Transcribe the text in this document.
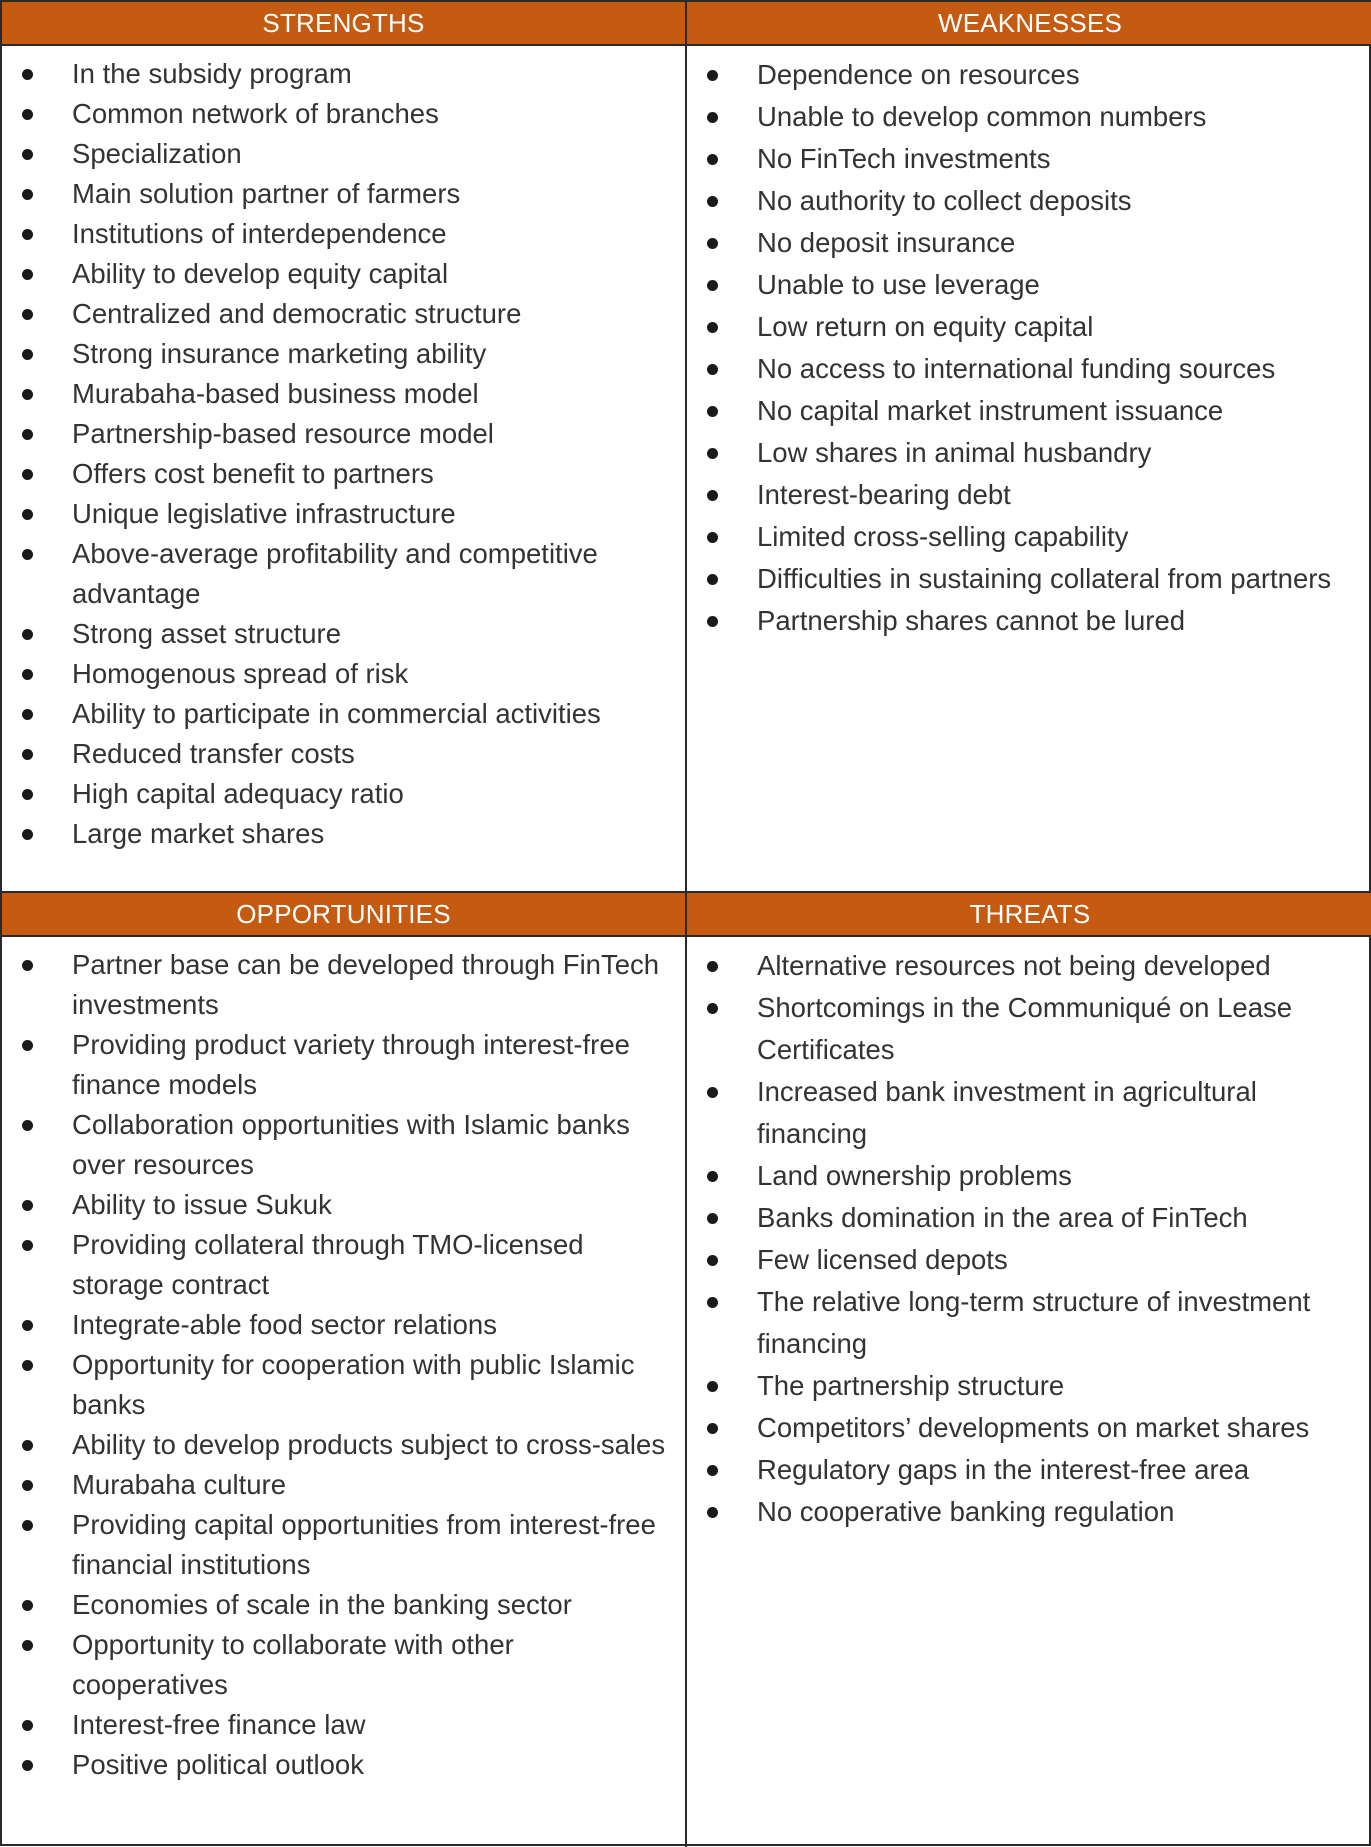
STRENGTHS
In the subsidy program
Common network of branches
Specialization
Main solution partner of farmers
Institutions of interdependence
Ability to develop equity capital
Centralized and democratic structure
Strong insurance marketing ability
Murabaha-based business model
Partnership-based resource model
Offers cost benefit to partners
Unique legislative infrastructure
Above-average profitability and competitive advantage
Strong asset structure
Homogenous spread of risk
Ability to participate in commercial activities
Reduced transfer costs
High capital adequacy ratio
Large market shares
WEAKNESSES
Dependence on resources
Unable to develop common numbers
No FinTech investments
No authority to collect deposits
No deposit insurance
Unable to use leverage
Low return on equity capital
No access to international funding sources
No capital market instrument issuance
Low shares in animal husbandry
Interest-bearing debt
Limited cross-selling capability
Difficulties in sustaining collateral from partners
Partnership shares cannot be lured
OPPORTUNITIES
Partner base can be developed through FinTech investments
Providing product variety through interest-free finance models
Collaboration opportunities with Islamic banks over resources
Ability to issue Sukuk
Providing collateral through TMO-licensed storage contract
Integrate-able food sector relations
Opportunity for cooperation with public Islamic banks
Ability to develop products subject to cross-sales
Murabaha culture
Providing capital opportunities from interest-free financial institutions
Economies of scale in the banking sector
Opportunity to collaborate with other cooperatives
Interest-free finance law
Positive political outlook
THREATS
Alternative resources not being developed
Shortcomings in the Communiqué on Lease Certificates
Increased bank investment in agricultural financing
Land ownership problems
Banks domination in the area of FinTech
Few licensed depots
The relative long-term structure of investment financing
The partnership structure
Competitors’ developments on market shares
Regulatory gaps in the interest-free area
No cooperative banking regulation
